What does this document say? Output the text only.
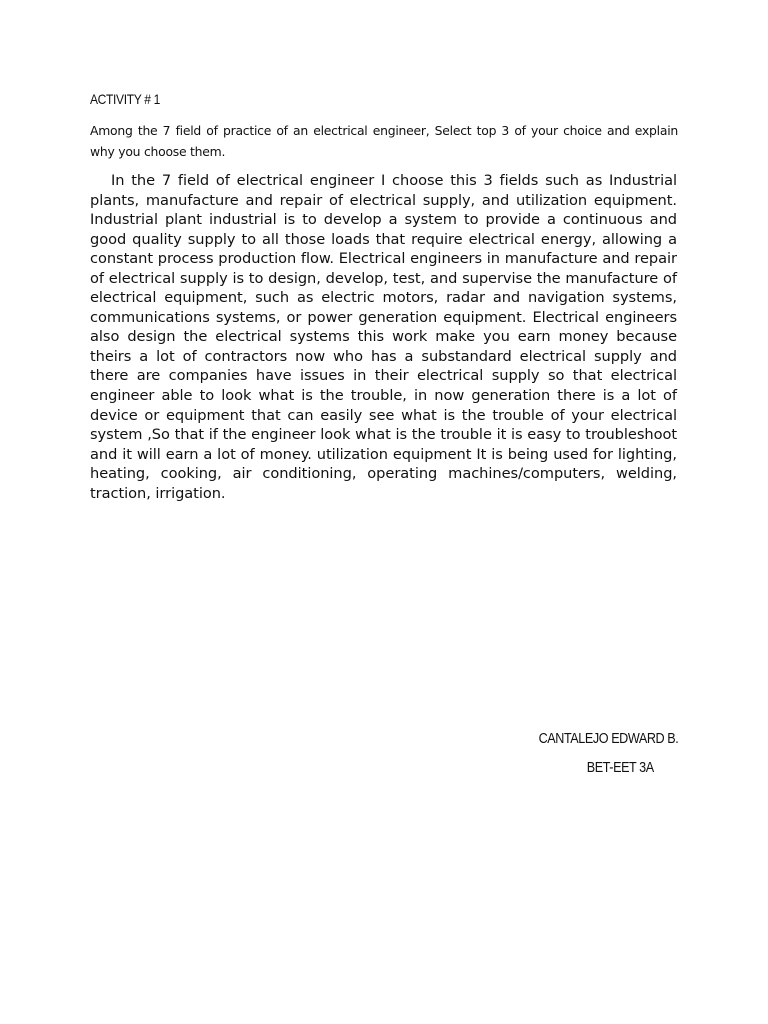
ACTIVITY # 1
Among the 7 field of practice of an electrical engineer, Select top 3 of your choice and explain why you choose them.
In the 7 field of electrical engineer I choose this 3 fields such as Industrial plants, manufacture and repair of electrical supply, and utilization equipment. Industrial plant industrial is to develop a system to provide a continuous and good quality supply to all those loads that require electrical energy, allowing a constant process production flow. Electrical engineers in manufacture and repair of electrical supply is to design, develop, test, and supervise the manufacture of electrical equipment, such as electric motors, radar and navigation systems, communications systems, or power generation equipment. Electrical engineers also design the electrical systems this work make you earn money because theirs a lot of contractors now who has a substandard electrical supply and there are companies have issues in their electrical supply so that electrical engineer able to look what is the trouble, in now generation there is a lot of device or equipment that can easily see what is the trouble of your electrical system ,So that if the engineer look what is the trouble it is easy to troubleshoot and it will earn a lot of money. utilization equipment It is being used for lighting, heating, cooking, air conditioning, operating machines/computers, welding, traction, irrigation.
CANTALEJO EDWARD B.
BET-EET 3A
